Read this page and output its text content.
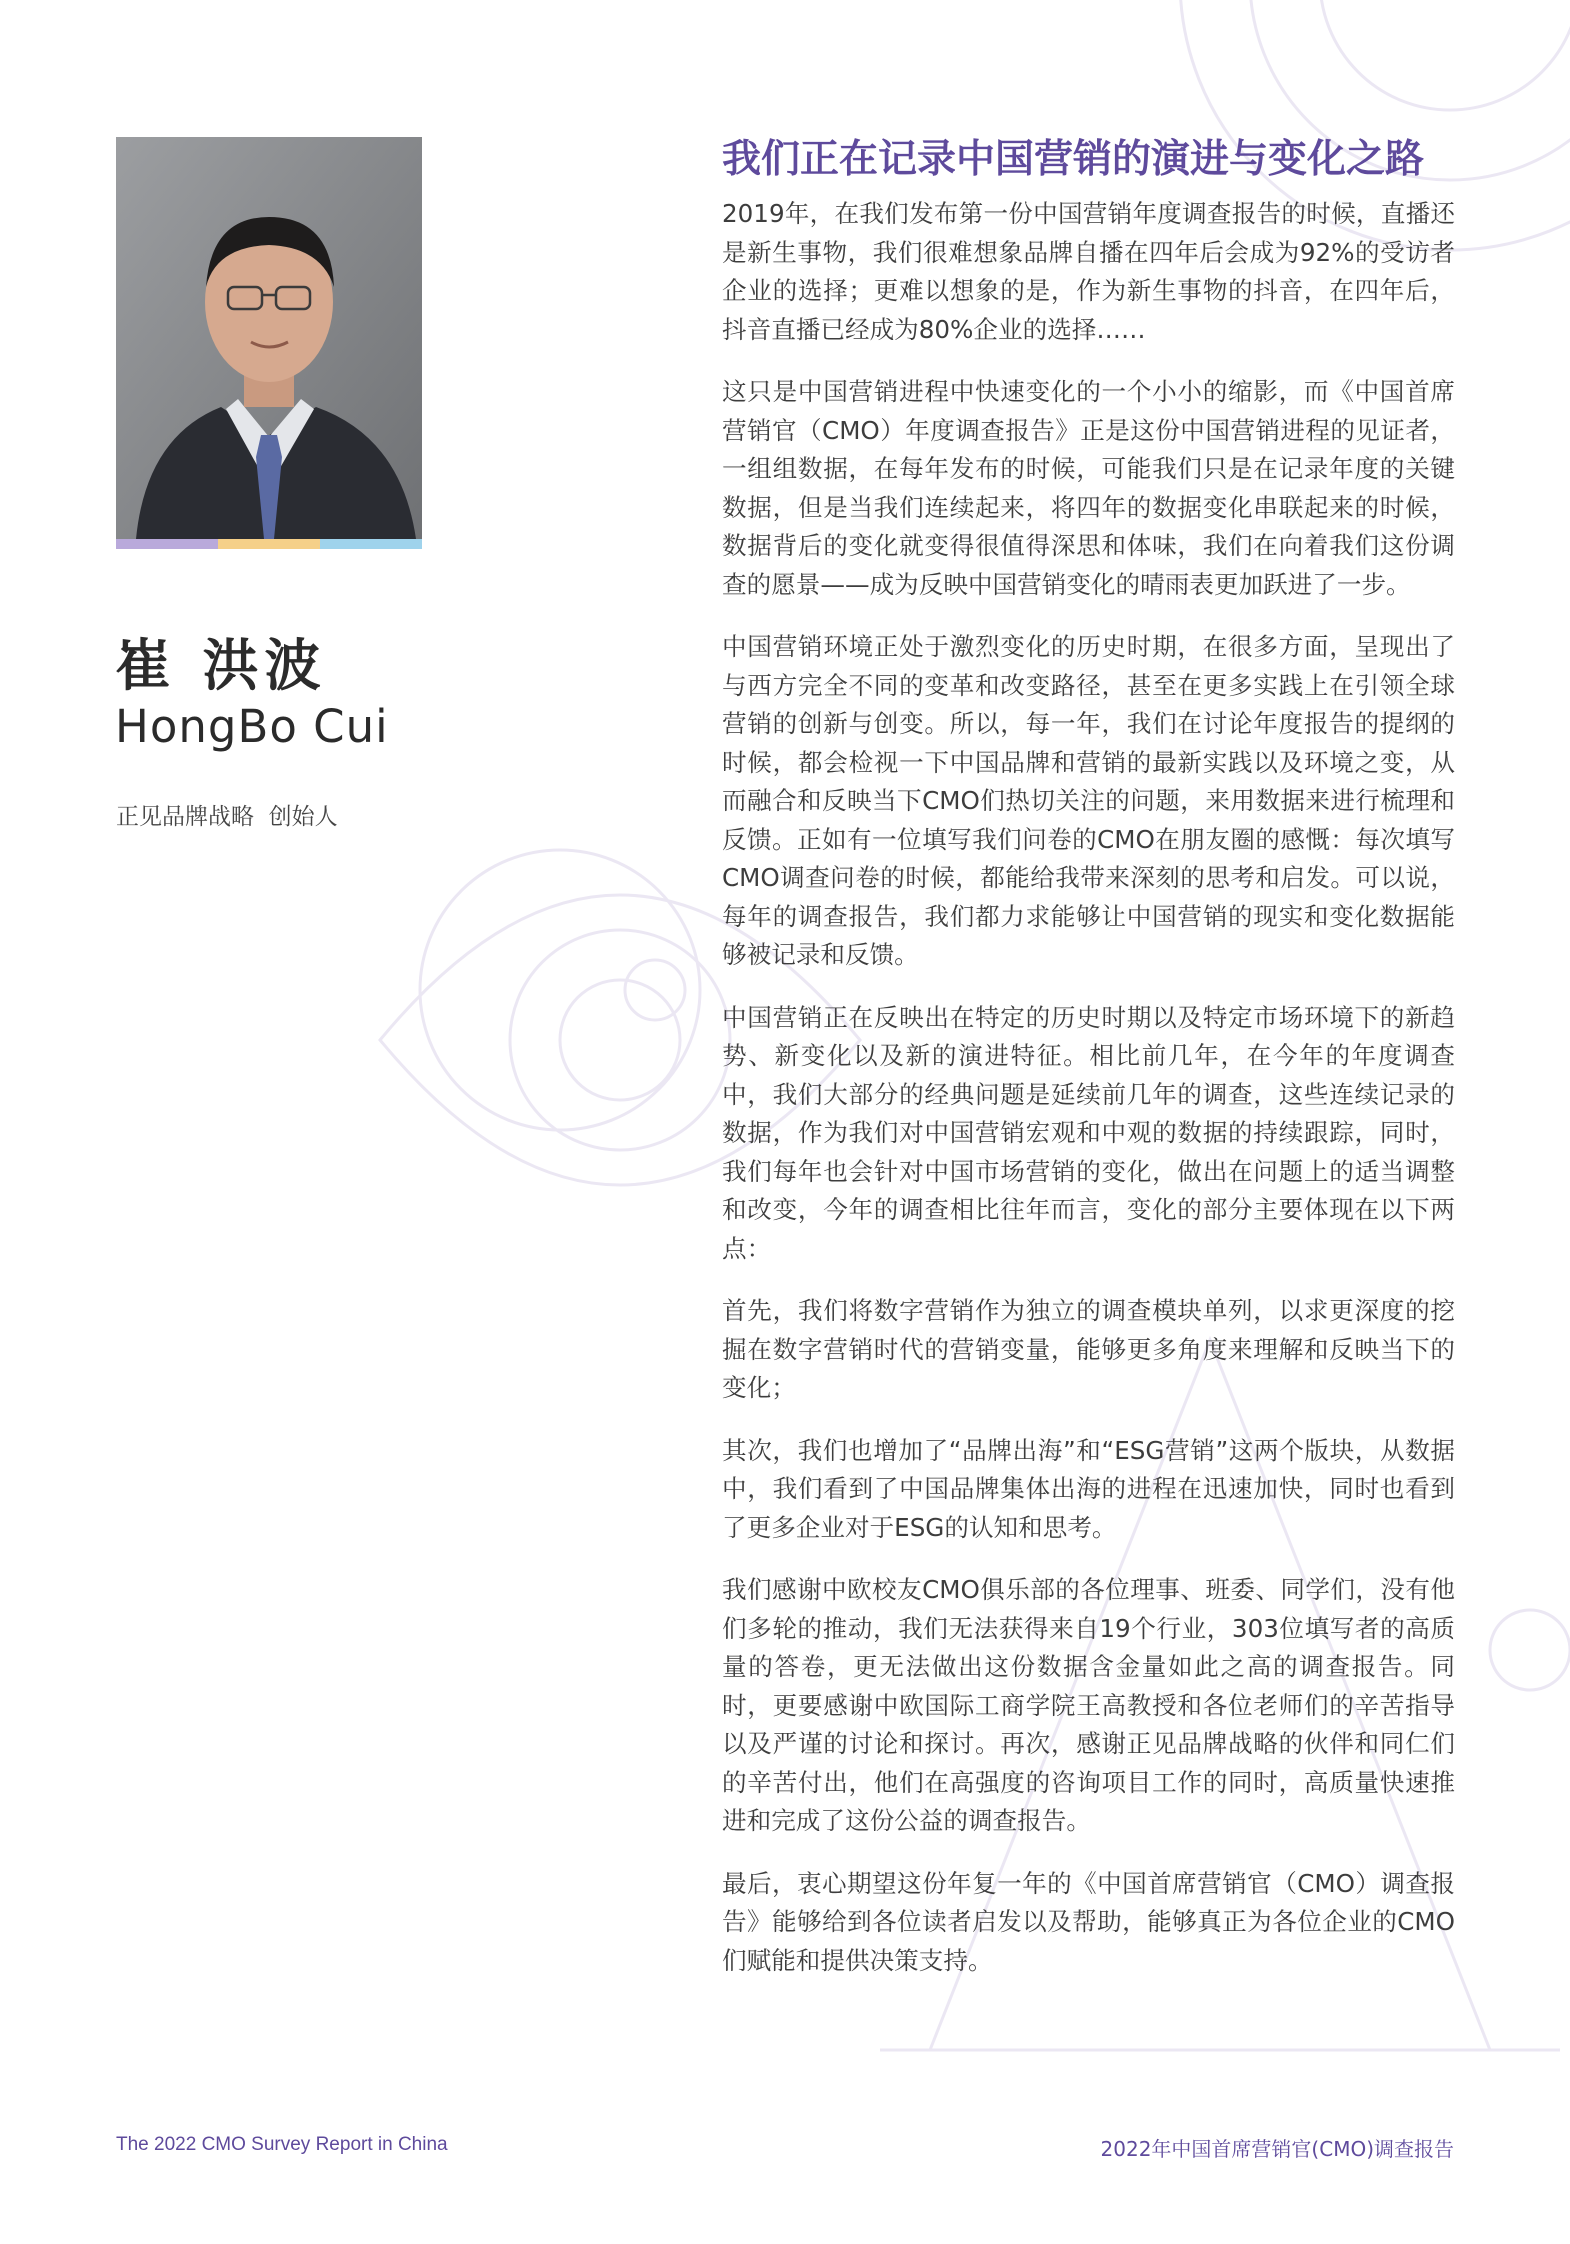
崔 洪波
HongBo Cui
正见品牌战略  创始人
我们正在记录中国营销的演进与变化之路

2019年，在我们发布第一份中国营销年度调查报告的时候，直播还是新生事物，我们很难想象品牌自播在四年后会成为92%的受访者企业的选择；更难以想象的是，作为新生事物的抖音，在四年后，抖音直播已经成为80%企业的选择……

这只是中国营销进程中快速变化的一个小小的缩影，而《中国首席营销官（CMO）年度调查报告》正是这份中国营销进程的见证者，一组组数据，在每年发布的时候，可能我们只是在记录年度的关键数据，但是当我们连续起来，将四年的数据变化串联起来的时候，数据背后的变化就变得很值得深思和体味，我们在向着我们这份调查的愿景——成为反映中国营销变化的晴雨表更加跃进了一步。

中国营销环境正处于激烈变化的历史时期，在很多方面，呈现出了与西方完全不同的变革和改变路径，甚至在更多实践上在引领全球营销的创新与创变。所以，每一年，我们在讨论年度报告的提纲的时候，都会检视一下中国品牌和营销的最新实践以及环境之变，从而融合和反映当下CMO们热切关注的问题，来用数据来进行梳理和反馈。正如有一位填写我们问卷的CMO在朋友圈的感慨：每次填写CMO调查问卷的时候，都能给我带来深刻的思考和启发。可以说，每年的调查报告，我们都力求能够让中国营销的现实和变化数据能够被记录和反馈。

中国营销正在反映出在特定的历史时期以及特定市场环境下的新趋势、新变化以及新的演进特征。相比前几年，在今年的年度调查中，我们大部分的经典问题是延续前几年的调查，这些连续记录的数据，作为我们对中国营销宏观和中观的数据的持续跟踪，同时，我们每年也会针对中国市场营销的变化，做出在问题上的适当调整和改变，今年的调查相比往年而言，变化的部分主要体现在以下两点：

首先，我们将数字营销作为独立的调查模块单列，以求更深度的挖掘在数字营销时代的营销变量，能够更多角度来理解和反映当下的变化；

其次，我们也增加了“品牌出海”和“ESG营销”这两个版块，从数据中，我们看到了中国品牌集体出海的进程在迅速加快，同时也看到了更多企业对于ESG的认知和思考。

我们感谢中欧校友CMO俱乐部的各位理事、班委、同学们，没有他们多轮的推动，我们无法获得来自19个行业，303位填写者的高质量的答卷，更无法做出这份数据含金量如此之高的调查报告。同时，更要感谢中欧国际工商学院王高教授和各位老师们的辛苦指导以及严谨的讨论和探讨。再次，感谢正见品牌战略的伙伴和同仁们的辛苦付出，他们在高强度的咨询项目工作的同时，高质量快速推进和完成了这份公益的调查报告。

最后，衷心期望这份年复一年的《中国首席营销官（CMO）调查报告》能够给到各位读者启发以及帮助，能够真正为各位企业的CMO们赋能和提供决策支持。

The 2022 CMO Survey Report in China	2022年中国首席营销官(CMO)调查报告
